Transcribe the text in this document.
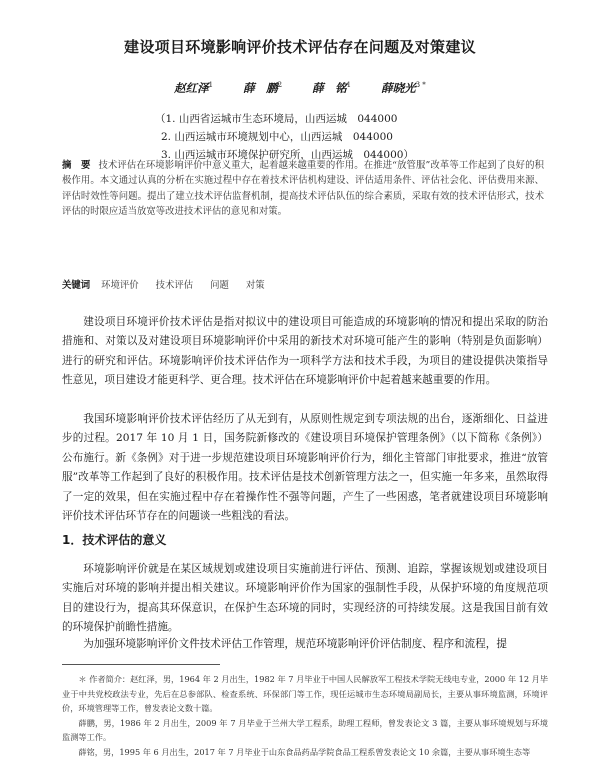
建设项目环境影响评价技术评估存在问题及对策建议
赵红泽$^1$	薛　鹏$^2$	薛　铭$^1$	薛晓光$^{3 *}$
（1. 山西省运城市生态环境局，山西运城　044000
2. 山西运城市环境规划中心，山西运城　044000
3. 山西运城市环境保护研究所，山西运城　044000）
摘　要 技术评估在环境影响评价中意义重大，起着越来越重要的作用。在推进“放管服”改革等工作起到了良好的积极作用。本文通过认真的分析在实施过程中存在着技术评估机构建设、评估适用条件、评估社会化、评估费用来源、评估时效性等问题。提出了建立技术评估监督机制，提高技术评估队伍的综合素质，采取有效的技术评估形式，技术评估的时限应适当放宽等改进技术评估的意见和对策。
关键词 环境评价 技术评估 问题 对策
建设项目环境评价技术评估是指对拟议中的建设项目可能造成的环境影响的情况和提出采取的防治措施和、对策以及对建设项目环境影响评价中采用的新技术对环境可能产生的影响（特别是负面影响）进行的研究和评估。环境影响评价技术评估作为一项科学方法和技术手段，为项目的建设提供决策指导性意见，项目建设才能更科学、更合理。技术评估在环境影响评价中起着越来越重要的作用。
我国环境影响评价技术评估经历了从无到有，从原则性规定到专项法规的出台，逐渐细化、日益进步的过程。2017 年 10 月 1 日，国务院新修改的《建设项目环境保护管理条例》（以下简称《条例》）公布施行。新《条例》对于进一步规范建设项目环境影响评价行为，细化主管部门审批要求，推进“放管服”改革等工作起到了良好的积极作用。技术评估是技术创新管理方法之一，但实施一年多来，虽然取得了一定的效果，但在实施过程中存在着操作性不强等问题，产生了一些困惑，笔者就建设项目环境影响评价技术评估环节存在的问题谈一些粗浅的看法。
1．技术评估的意义
环境影响评价就是在某区域规划或建设项目实施前进行评估、预测、追踪，掌握该规划或建设项目实施后对环境的影响并提出相关建议。环境影响评价作为国家的强制性手段，从保护环境的角度规范项目的建设行为，提高其环保意识，在保护生态环境的同时，实现经济的可持续发展。这是我国目前有效的环境保护前瞻性措施。
为加强环境影响评价文件技术评估工作管理，规范环境影响评价评估制度、程序和流程，提
＊ 作者简介：赵红泽，男，1964 年 2 月出生，1982 年 7 月毕业于中国人民解放军工程技术学院无线电专业，2000 年 12 月毕业于中共党校政法专业，先后在总参部队、检查系统、环保部门等工作，现任运城市生态环境局副局长，主要从事环境监测，环境评价，环境管理等工作，曾发表论文数十篇。
薛鹏，男，1986 年 2 月出生，2009 年 7 月毕业于兰州大学工程系，助理工程师，曾发表论文 3 篇，主要从事环境规划与环境监测等工作。
薛铭，男，1995 年 6 月出生，2017 年 7 月毕业于山东食品药品学院食品工程系曾发表论文 10 余篇，主要从事环境生态等
